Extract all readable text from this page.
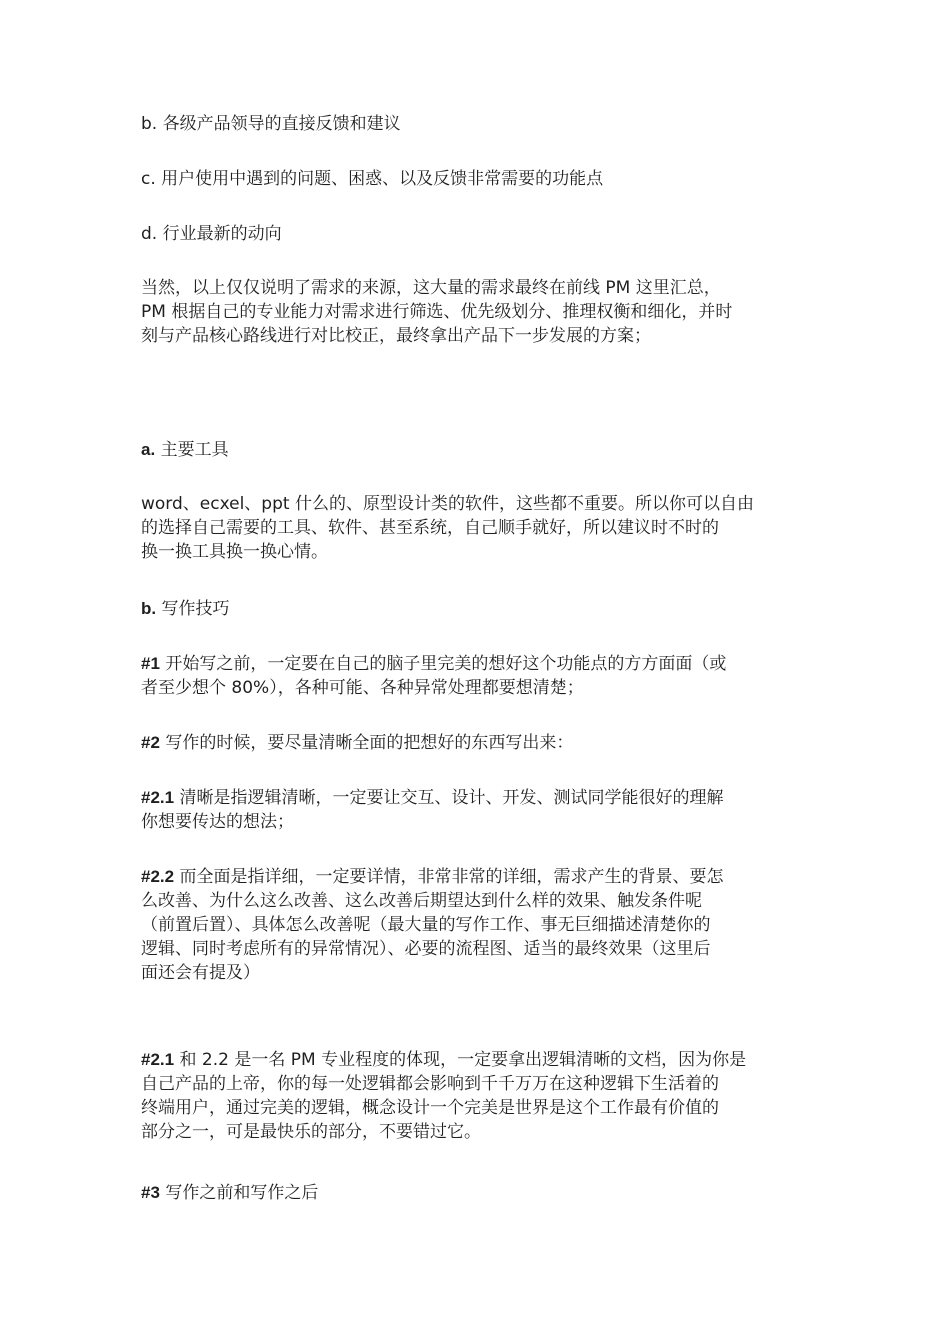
b. 各级产品领导的直接反馈和建议
c. 用户使用中遇到的问题、困惑、以及反馈非常需要的功能点
d. 行业最新的动向
当然，以上仅仅说明了需求的来源，这大量的需求最终在前线 PM 这里汇总，
PM 根据自己的专业能力对需求进行筛选、优先级划分、推理权衡和细化，并时
刻与产品核心路线进行对比校正，最终拿出产品下一步发展的方案；
a. 主要工具
word、ecxel、ppt 什么的、原型设计类的软件，这些都不重要。所以你可以自由
的选择自己需要的工具、软件、甚至系统，自己顺手就好，所以建议时不时的
换一换工具换一换心情。
b. 写作技巧
#1 开始写之前，一定要在自己的脑子里完美的想好这个功能点的方方面面（或
者至少想个 80%），各种可能、各种异常处理都要想清楚；
#2 写作的时候，要尽量清晰全面的把想好的东西写出来：
#2.1 清晰是指逻辑清晰，一定要让交互、设计、开发、测试同学能很好的理解
你想要传达的想法；
#2.2 而全面是指详细，一定要详情，非常非常的详细，需求产生的背景、要怎
么改善、为什么这么改善、这么改善后期望达到什么样的效果、触发条件呢
（前置后置）、具体怎么改善呢（最大量的写作工作、事无巨细描述清楚你的
逻辑、同时考虑所有的异常情况）、必要的流程图、适当的最终效果（这里后
面还会有提及）
#2.1 和 2.2 是一名 PM 专业程度的体现，一定要拿出逻辑清晰的文档，因为你是
自己产品的上帝，你的每一处逻辑都会影响到千千万万在这种逻辑下生活着的
终端用户，通过完美的逻辑，概念设计一个完美是世界是这个工作最有价值的
部分之一，可是最快乐的部分，不要错过它。
#3 写作之前和写作之后
